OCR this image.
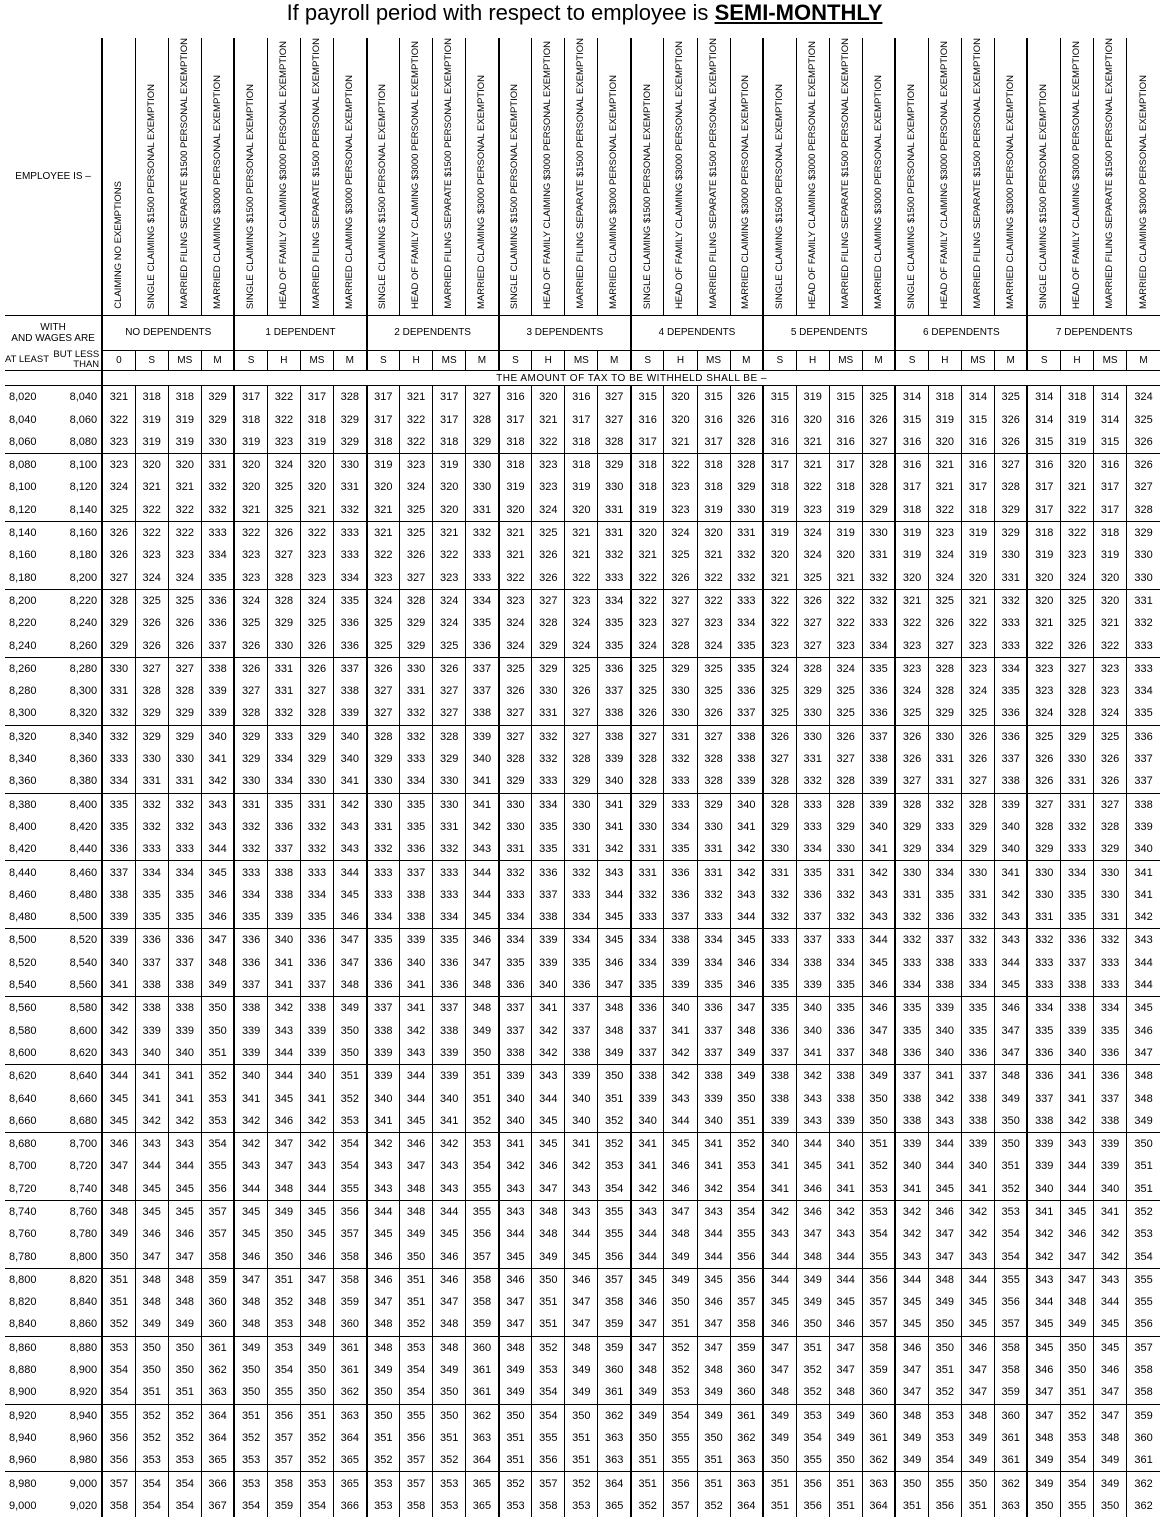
If payroll period with respect to employee is SEMI-MONTHLY
EMPLOYEE IS –		CLAIMING NO EXEMPTIONS	SINGLE CLAIMING $1500 PERSONAL EXEMPTION	MARRIED FILING SEPARATE $1500 PERSONAL EXEMPTION	MARRIED CLAIMING $3000 PERSONAL EXEMPTION	SINGLE CLAIMING $1500 PERSONAL EXEMPTION	HEAD OF FAMILY CLAIMING $3000 PERSONAL EXEMPTION	MARRIED FILING SEPARATE $1500 PERSONAL EXEMPTION	MARRIED CLAIMING $3000 PERSONAL EXEMPTION	SINGLE CLAIMING $1500 PERSONAL EXEMPTION	HEAD OF FAMILY CLAIMING $3000 PERSONAL EXEMPTION	MARRIED FILING SEPARATE $1500 PERSONAL EXEMPTION	MARRIED CLAIMING $3000 PERSONAL EXEMPTION	SINGLE CLAIMING $1500 PERSONAL EXEMPTION	HEAD OF FAMILY CLAIMING $3000 PERSONAL EXEMPTION	MARRIED FILING SEPARATE $1500 PERSONAL EXEMPTION	MARRIED CLAIMING $3000 PERSONAL EXEMPTION	SINGLE CLAIMING $1500 PERSONAL EXEMPTION	HEAD OF FAMILY CLAIMING $3000 PERSONAL EXEMPTION	MARRIED FILING SEPARATE $1500 PERSONAL EXEMPTION	MARRIED CLAIMING $3000 PERSONAL EXEMPTION	SINGLE CLAIMING $1500 PERSONAL EXEMPTION	HEAD OF FAMILY CLAIMING $3000 PERSONAL EXEMPTION	MARRIED FILING SEPARATE $1500 PERSONAL EXEMPTION	MARRIED CLAIMING $3000 PERSONAL EXEMPTION	SINGLE CLAIMING $1500 PERSONAL EXEMPTION	HEAD OF FAMILY CLAIMING $3000 PERSONAL EXEMPTION	MARRIED FILING SEPARATE $1500 PERSONAL EXEMPTION	MARRIED CLAIMING $3000 PERSONAL EXEMPTION	SINGLE CLAIMING $1500 PERSONAL EXEMPTION	HEAD OF FAMILY CLAIMING $3000 PERSONAL EXEMPTION	MARRIED FILING SEPARATE $1500 PERSONAL EXEMPTION	MARRIED CLAIMING $3000 PERSONAL EXEMPTION

WITH
AND WAGES ARE		NO DEPENDENTS				1 DEPENDENT				2 DEPENDENTS				3 DEPENDENTS				4 DEPENDENTS				5 DEPENDENTS				6 DEPENDENTS				7 DEPENDENTS			
AT LEAST	BUT LESS THAN	0	S	MS	M	S	H	MS	M	S	H	MS	M	S	H	MS	M	S	H	MS	M	S	H	MS	M	S	H	MS	M	S	H	MS	M
		THE AMOUNT OF TAX TO BE WITHHELD SHALL BE –																															
8,020	8,040	321	318	318	329	317	322	317	328	317	321	317	327	316	320	316	327	315	320	315	326	315	319	315	325	314	318	314	325	314	318	314	324
8,040	8,060	322	319	319	329	318	322	318	329	317	322	317	328	317	321	317	327	316	320	316	326	316	320	316	326	315	319	315	326	314	319	314	325
8,060	8,080	323	319	319	330	319	323	319	329	318	322	318	329	318	322	318	328	317	321	317	328	316	321	316	327	316	320	316	326	315	319	315	326
8,080	8,100	323	320	320	331	320	324	320	330	319	323	319	330	318	323	318	329	318	322	318	328	317	321	317	328	316	321	316	327	316	320	316	326
8,100	8,120	324	321	321	332	320	325	320	331	320	324	320	330	319	323	319	330	318	323	318	329	318	322	318	328	317	321	317	328	317	321	317	327
8,120	8,140	325	322	322	332	321	325	321	332	321	325	320	331	320	324	320	331	319	323	319	330	319	323	319	329	318	322	318	329	317	322	317	328
8,140	8,160	326	322	322	333	322	326	322	333	321	325	321	332	321	325	321	331	320	324	320	331	319	324	319	330	319	323	319	329	318	322	318	329
8,160	8,180	326	323	323	334	323	327	323	333	322	326	322	333	321	326	321	332	321	325	321	332	320	324	320	331	319	324	319	330	319	323	319	330
8,180	8,200	327	324	324	335	323	328	323	334	323	327	323	333	322	326	322	333	322	326	322	332	321	325	321	332	320	324	320	331	320	324	320	330
8,200	8,220	328	325	325	336	324	328	324	335	324	328	324	334	323	327	323	334	322	327	322	333	322	326	322	332	321	325	321	332	320	325	320	331
8,220	8,240	329	326	326	336	325	329	325	336	325	329	324	335	324	328	324	335	323	327	323	334	322	327	322	333	322	326	322	333	321	325	321	332
8,240	8,260	329	326	326	337	326	330	326	336	325	329	325	336	324	329	324	335	324	328	324	335	323	327	323	334	323	327	323	333	322	326	322	333
8,260	8,280	330	327	327	338	326	331	326	337	326	330	326	337	325	329	325	336	325	329	325	335	324	328	324	335	323	328	323	334	323	327	323	333
8,280	8,300	331	328	328	339	327	331	327	338	327	331	327	337	326	330	326	337	325	330	325	336	325	329	325	336	324	328	324	335	323	328	323	334
8,300	8,320	332	329	329	339	328	332	328	339	327	332	327	338	327	331	327	338	326	330	326	337	325	330	325	336	325	329	325	336	324	328	324	335
8,320	8,340	332	329	329	340	329	333	329	340	328	332	328	339	327	332	327	338	327	331	327	338	326	330	326	337	326	330	326	336	325	329	325	336
8,340	8,360	333	330	330	341	329	334	329	340	329	333	329	340	328	332	328	339	328	332	328	338	327	331	327	338	326	331	326	337	326	330	326	337
8,360	8,380	334	331	331	342	330	334	330	341	330	334	330	341	329	333	329	340	328	333	328	339	328	332	328	339	327	331	327	338	326	331	326	337
8,380	8,400	335	332	332	343	331	335	331	342	330	335	330	341	330	334	330	341	329	333	329	340	328	333	328	339	328	332	328	339	327	331	327	338
8,400	8,420	335	332	332	343	332	336	332	343	331	335	331	342	330	335	330	341	330	334	330	341	329	333	329	340	329	333	329	340	328	332	328	339
8,420	8,440	336	333	333	344	332	337	332	343	332	336	332	343	331	335	331	342	331	335	331	342	330	334	330	341	329	334	329	340	329	333	329	340
8,440	8,460	337	334	334	345	333	338	333	344	333	337	333	344	332	336	332	343	331	336	331	342	331	335	331	342	330	334	330	341	330	334	330	341
8,460	8,480	338	335	335	346	334	338	334	345	333	338	333	344	333	337	333	344	332	336	332	343	332	336	332	343	331	335	331	342	330	335	330	341
8,480	8,500	339	335	335	346	335	339	335	346	334	338	334	345	334	338	334	345	333	337	333	344	332	337	332	343	332	336	332	343	331	335	331	342
8,500	8,520	339	336	336	347	336	340	336	347	335	339	335	346	334	339	334	345	334	338	334	345	333	337	333	344	332	337	332	343	332	336	332	343
8,520	8,540	340	337	337	348	336	341	336	347	336	340	336	347	335	339	335	346	334	339	334	346	334	338	334	345	333	338	333	344	333	337	333	344
8,540	8,560	341	338	338	349	337	341	337	348	336	341	336	348	336	340	336	347	335	339	335	346	335	339	335	346	334	338	334	345	333	338	333	344
8,560	8,580	342	338	338	350	338	342	338	349	337	341	337	348	337	341	337	348	336	340	336	347	335	340	335	346	335	339	335	346	334	338	334	345
8,580	8,600	342	339	339	350	339	343	339	350	338	342	338	349	337	342	337	348	337	341	337	348	336	340	336	347	335	340	335	347	335	339	335	346
8,600	8,620	343	340	340	351	339	344	339	350	339	343	339	350	338	342	338	349	337	342	337	349	337	341	337	348	336	340	336	347	336	340	336	347
8,620	8,640	344	341	341	352	340	344	340	351	339	344	339	351	339	343	339	350	338	342	338	349	338	342	338	349	337	341	337	348	336	341	336	348
8,640	8,660	345	341	341	353	341	345	341	352	340	344	340	351	340	344	340	351	339	343	339	350	338	343	338	350	338	342	338	349	337	341	337	348
8,660	8,680	345	342	342	353	342	346	342	353	341	345	341	352	340	345	340	352	340	344	340	351	339	343	339	350	338	343	338	350	338	342	338	349
8,680	8,700	346	343	343	354	342	347	342	354	342	346	342	353	341	345	341	352	341	345	341	352	340	344	340	351	339	344	339	350	339	343	339	350
8,700	8,720	347	344	344	355	343	347	343	354	343	347	343	354	342	346	342	353	341	346	341	353	341	345	341	352	340	344	340	351	339	344	339	351
8,720	8,740	348	345	345	356	344	348	344	355	343	348	343	355	343	347	343	354	342	346	342	354	341	346	341	353	341	345	341	352	340	344	340	351
8,740	8,760	348	345	345	357	345	349	345	356	344	348	344	355	343	348	343	355	343	347	343	354	342	346	342	353	342	346	342	353	341	345	341	352
8,760	8,780	349	346	346	357	345	350	345	357	345	349	345	356	344	348	344	355	344	348	344	355	343	347	343	354	342	347	342	354	342	346	342	353
8,780	8,800	350	347	347	358	346	350	346	358	346	350	346	357	345	349	345	356	344	349	344	356	344	348	344	355	343	347	343	354	342	347	342	354
8,800	8,820	351	348	348	359	347	351	347	358	346	351	346	358	346	350	346	357	345	349	345	356	344	349	344	356	344	348	344	355	343	347	343	355
8,820	8,840	351	348	348	360	348	352	348	359	347	351	347	358	347	351	347	358	346	350	346	357	345	349	345	357	345	349	345	356	344	348	344	355
8,840	8,860	352	349	349	360	348	353	348	360	348	352	348	359	347	351	347	359	347	351	347	358	346	350	346	357	345	350	345	357	345	349	345	356
8,860	8,880	353	350	350	361	349	353	349	361	348	353	348	360	348	352	348	359	347	352	347	359	347	351	347	358	346	350	346	358	345	350	345	357
8,880	8,900	354	350	350	362	350	354	350	361	349	354	349	361	349	353	349	360	348	352	348	360	347	352	347	359	347	351	347	358	346	350	346	358
8,900	8,920	354	351	351	363	350	355	350	362	350	354	350	361	349	354	349	361	349	353	349	360	348	352	348	360	347	352	347	359	347	351	347	358
8,920	8,940	355	352	352	364	351	356	351	363	350	355	350	362	350	354	350	362	349	354	349	361	349	353	349	360	348	353	348	360	347	352	347	359
8,940	8,960	356	352	352	364	352	357	352	364	351	356	351	363	351	355	351	363	350	355	350	362	349	354	349	361	349	353	349	361	348	353	348	360
8,960	8,980	356	353	353	365	353	357	352	365	352	357	352	364	351	356	351	363	351	355	351	363	350	355	350	362	349	354	349	361	349	354	349	361
8,980	9,000	357	354	354	366	353	358	353	365	353	357	353	365	352	357	352	364	351	356	351	363	351	356	351	363	350	355	350	362	349	354	349	362
9,000	9,020	358	354	354	367	354	359	354	366	353	358	353	365	353	358	353	365	352	357	352	364	351	356	351	364	351	356	351	363	350	355	350	362
